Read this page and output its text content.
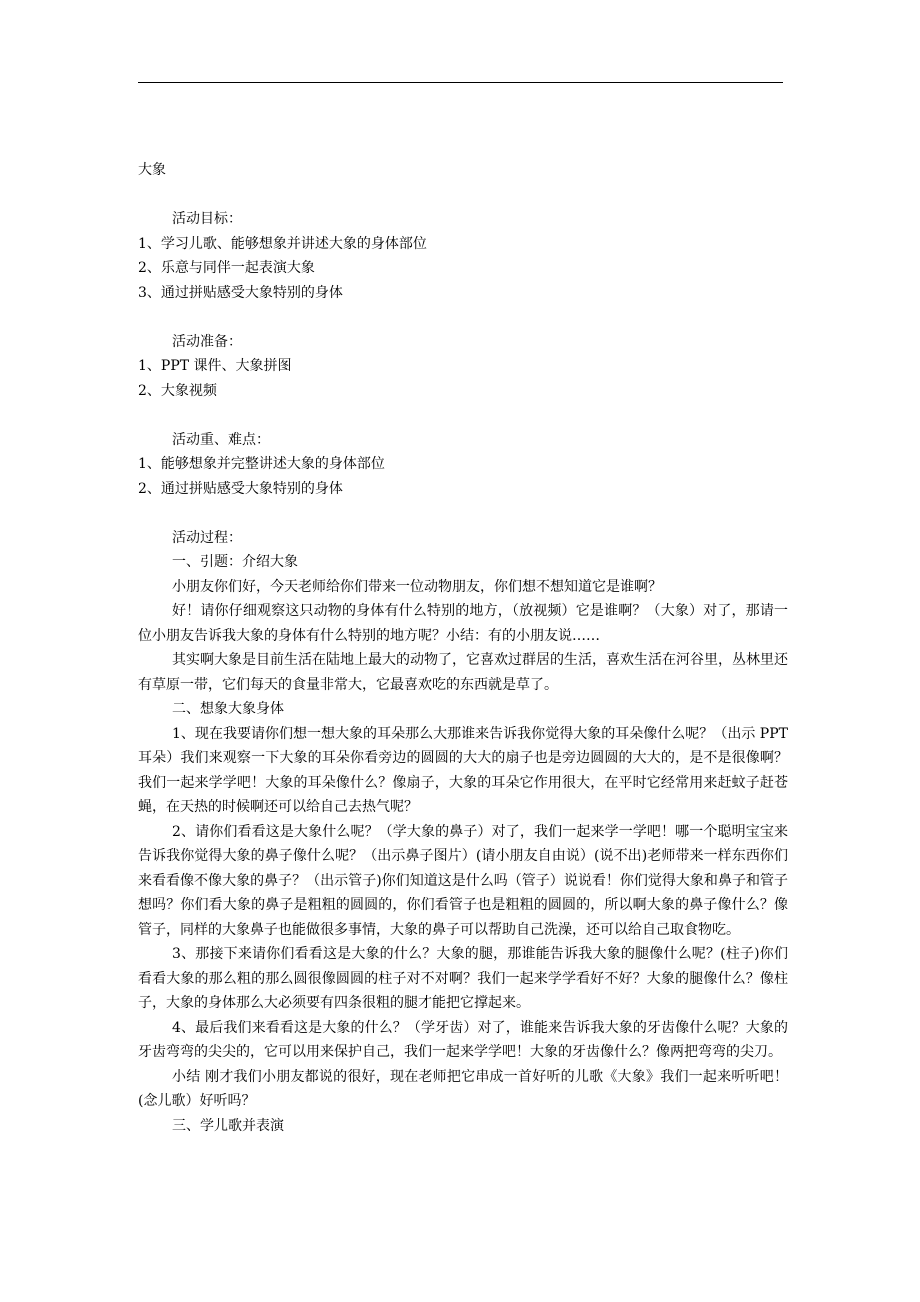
大象

活动目标：

1、学习儿歌、能够想象并讲述大象的身体部位

2、乐意与同伴一起表演大象

3、通过拼贴感受大象特别的身体

活动准备：

1、PPT 课件、大象拼图

2、大象视频

活动重、难点：

1、能够想象并完整讲述大象的身体部位

2、通过拼贴感受大象特别的身体

活动过程：

一、引题：介绍大象

小朋友你们好，今天老师给你们带来一位动物朋友，你们想不想知道它是谁啊？

好！请你仔细观察这只动物的身体有什么特别的地方，（放视频）它是谁啊？（大象）对了，那请一位小朋友告诉我大象的身体有什么特别的地方呢？小结：有的小朋友说……

其实啊大象是目前生活在陆地上最大的动物了，它喜欢过群居的生活，喜欢生活在河谷里，丛林里还有草原一带，它们每天的食量非常大，它最喜欢吃的东西就是草了。

二、想象大象身体

1、现在我要请你们想一想大象的耳朵那么大那谁来告诉我你觉得大象的耳朵像什么呢？（出示 PPT 耳朵）我们来观察一下大象的耳朵你看旁边的圆圆的大大的扇子也是旁边圆圆的大大的，是不是很像啊？我们一起来学学吧！大象的耳朵像什么？像扇子，大象的耳朵它作用很大，在平时它经常用来赶蚊子赶苍蝇，在天热的时候啊还可以给自己去热气呢？

2、请你们看看这是大象什么呢？（学大象的鼻子）对了，我们一起来学一学吧！哪一个聪明宝宝来告诉我你觉得大象的鼻子像什么呢？（出示鼻子图片）(请小朋友自由说）(说不出)老师带来一样东西你们来看看像不像大象的鼻子？（出示管子)你们知道这是什么吗（管子）说说看！你们觉得大象和鼻子和管子想吗？你们看大象的鼻子是粗粗的圆圆的，你们看管子也是粗粗的圆圆的，所以啊大象的鼻子像什么？像管子，同样的大象鼻子也能做很多事情，大象的鼻子可以帮助自己洗澡，还可以给自己取食物吃。

3、那接下来请你们看看这是大象的什么？大象的腿，那谁能告诉我大象的腿像什么呢？(柱子)你们看看大象的那么粗的那么圆很像圆圆的柱子对不对啊？我们一起来学学看好不好？大象的腿像什么？像柱子，大象的身体那么大必须要有四条很粗的腿才能把它撑起来。

4、最后我们来看看这是大象的什么？（学牙齿）对了，谁能来告诉我大象的牙齿像什么呢？大象的牙齿弯弯的尖尖的，它可以用来保护自己，我们一起来学学吧！大象的牙齿像什么？像两把弯弯的尖刀。

小结 刚才我们小朋友都说的很好，现在老师把它串成一首好听的儿歌《大象》我们一起来听听吧！(念儿歌）好听吗？

三、学儿歌并表演
